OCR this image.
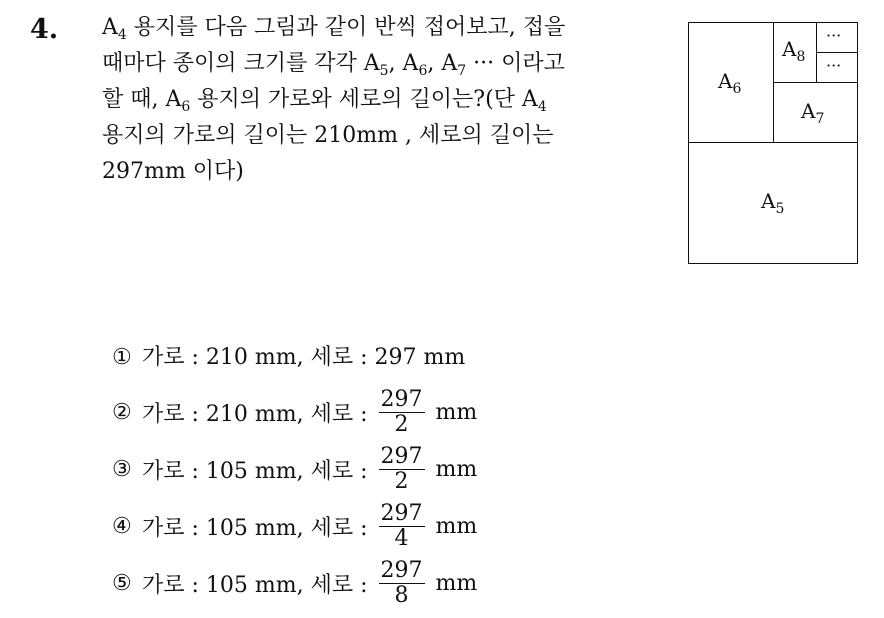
4. $A_4$ 용지를 다음 그림과 같이 반씩 접어보고, 접을
때마다 종이의 크기를 각각 $A_5$, $A_6$, $A_7$ ··· 이라고
할 때, $A_6$ 용지의 가로와 세로의 길이는?(단 $A_4$
용지의 가로의 길이는 210mm , 세로의 길이는
297mm 이다)
$A_6$
$A_8$
···
···
$A_7$
$A_5$
① 가로 : 210 mm, 세로 : 297 mm
② 가로 : 210 mm, 세로 : $\frac{297}{2}$ mm
③ 가로 : 105 mm, 세로 : $\frac{297}{2}$ mm
④ 가로 : 105 mm, 세로 : $\frac{297}{4}$ mm
⑤ 가로 : 105 mm, 세로 : $\frac{297}{8}$ mm
